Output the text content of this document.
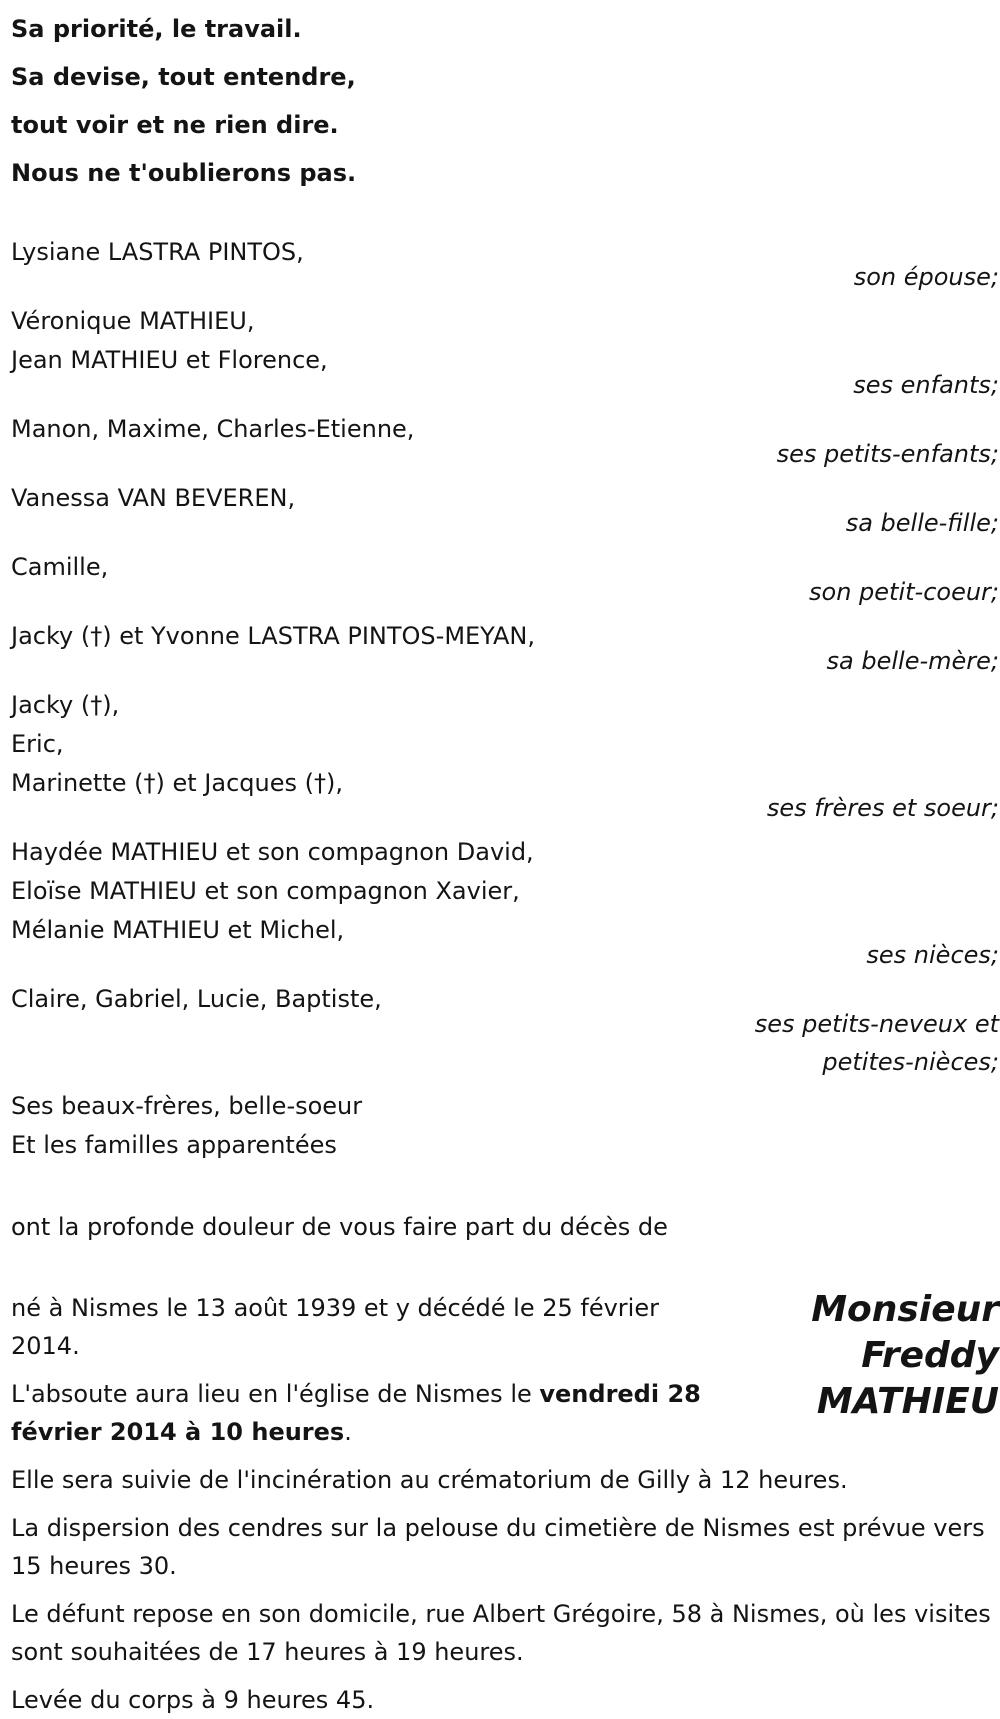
Sa priorité, le travail.

Sa devise, tout entendre,

tout voir et ne rien dire.

Nous ne t'oublierons pas.

Lysiane LASTRA PINTOS,

son épouse;

Véronique MATHIEU,

Jean MATHIEU et Florence,

ses enfants;

Manon, Maxime, Charles-Etienne,

ses petits-enfants;

Vanessa VAN BEVEREN,

sa belle-fille;

Camille,

son petit-coeur;

Jacky (†) et Yvonne LASTRA PINTOS-MEYAN,

sa belle-mère;

Jacky (†),

Eric,

Marinette (†) et Jacques (†),

ses frères et soeur;

Haydée MATHIEU et son compagnon David,

Eloïse MATHIEU et son compagnon Xavier,

Mélanie MATHIEU et Michel,

ses nièces;

Claire, Gabriel, Lucie, Baptiste,

ses petits-neveux et
petites-nièces;

Ses beaux-frères, belle-soeur

Et les familles apparentées

ont la profonde douleur de vous faire part du décès de

Monsieur
Freddy
MATHIEU

né à Nismes le 13 août 1939 et y décédé le 25 février 2014.

L'absoute aura lieu en l'église de Nismes le vendredi 28 février 2014 à 10 heures.

Elle sera suivie de l'incinération au crématorium de Gilly à 12 heures.

La dispersion des cendres sur la pelouse du cimetière de Nismes est prévue vers 15 heures 30.

Le défunt repose en son domicile, rue Albert Grégoire, 58 à Nismes, où les visites sont souhaitées de 17 heures à 19 heures.

Levée du corps à 9 heures 45.
